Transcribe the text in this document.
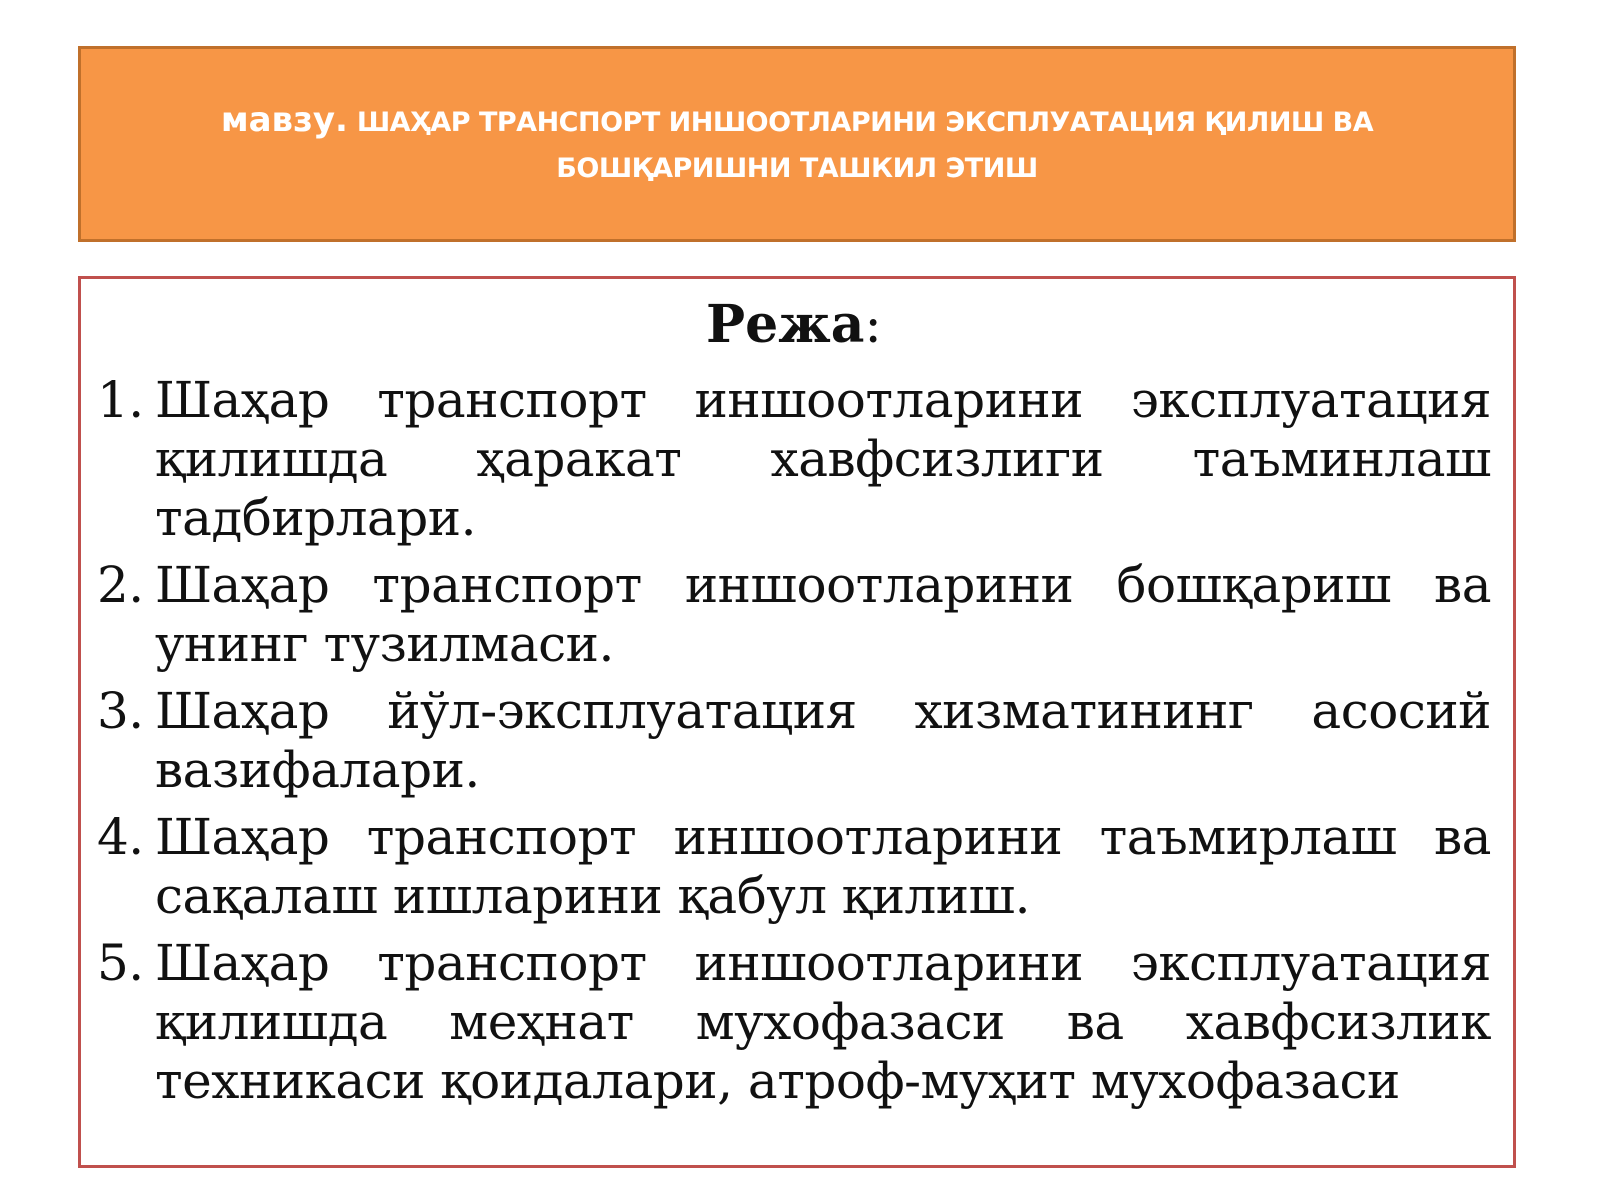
мавзу. ШАҲАР ТРАНСПОРТ ИНШООТЛАРИНИ ЭКСПЛУАТАЦИЯ ҚИЛИШ ВА БОШҚАРИШНИ ТАШКИЛ ЭТИШ
Режа:
1. Шаҳар транспорт иншоотларини эксплуатация қилишда ҳаракат хавфсизлиги таъминлаш тадбирлари.
2. Шаҳар транспорт иншоотларини бошқариш ва унинг тузилмаси.
3. Шаҳар йўл-эксплуатация хизматининг асосий вазифалари.
4. Шаҳар транспорт иншоотларини таъмирлаш ва сақалаш ишларини қабул қилиш.
5. Шаҳар транспорт иншоотларини эксплуатация қилишда меҳнат мухофазаси ва хавфсизлик техникаси қоидалари, атроф-муҳит мухофазаси
